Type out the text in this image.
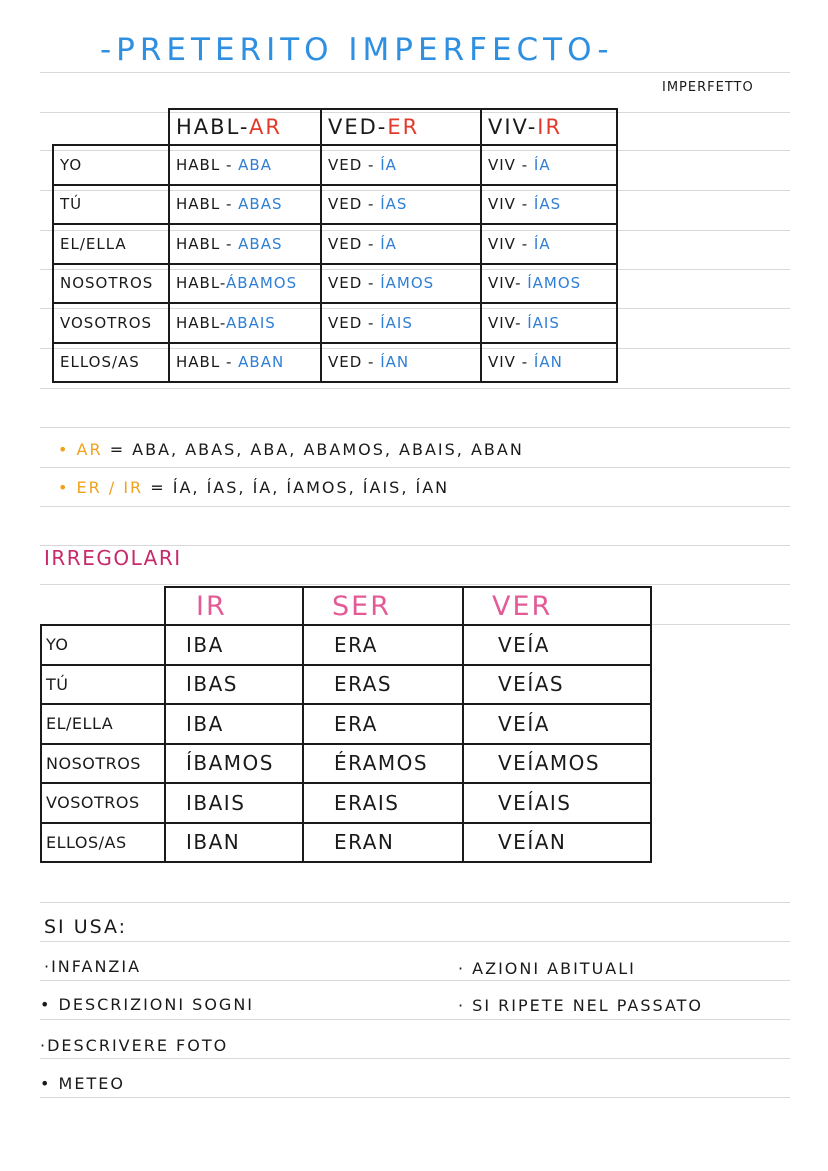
-PRETERITO IMPERFECTO-
IMPERFETTO
	HABL-AR	VED-ER	VIV-IR
YO	HABL - ABA	VED - ÍA	VIV - ÍA
TÚ	HABL - ABAS	VED - ÍAS	VIV - ÍAS
EL/ELLA	HABL - ABAS	VED - ÍA	VIV - ÍA
NOSOTROS	HABL-ÁBAMOS	VED - ÍAMOS	VIV- ÍAMOS
VOSOTROS	HABL-ABAIS	VED - ÍAIS	VIV- ÍAIS
ELLOS/AS	HABL - ABAN	VED - ÍAN	VIV - ÍAN
• AR = ABA, ABAS, ABA, ABAMOS, ABAIS, ABAN
• ER / IR = ÍA, ÍAS, ÍA, ÍAMOS, ÍAIS, ÍAN
IRREGOLARI
	IR	SER	VER
YO	IBA	ERA	VEÍA
TÚ	IBAS	ERAS	VEÍAS
EL/ELLA	IBA	ERA	VEÍA
NOSOTROS	ÍBAMOS	ÉRAMOS	VEÍAMOS
VOSOTROS	IBAIS	ERAIS	VEÍAIS
ELLOS/AS	IBAN	ERAN	VEÍAN
SI USA:
·INFANZIA
• DESCRIZIONI SOGNI
·DESCRIVERE FOTO
• METEO
· AZIONI ABITUALI
· SI RIPETE NEL PASSATO
